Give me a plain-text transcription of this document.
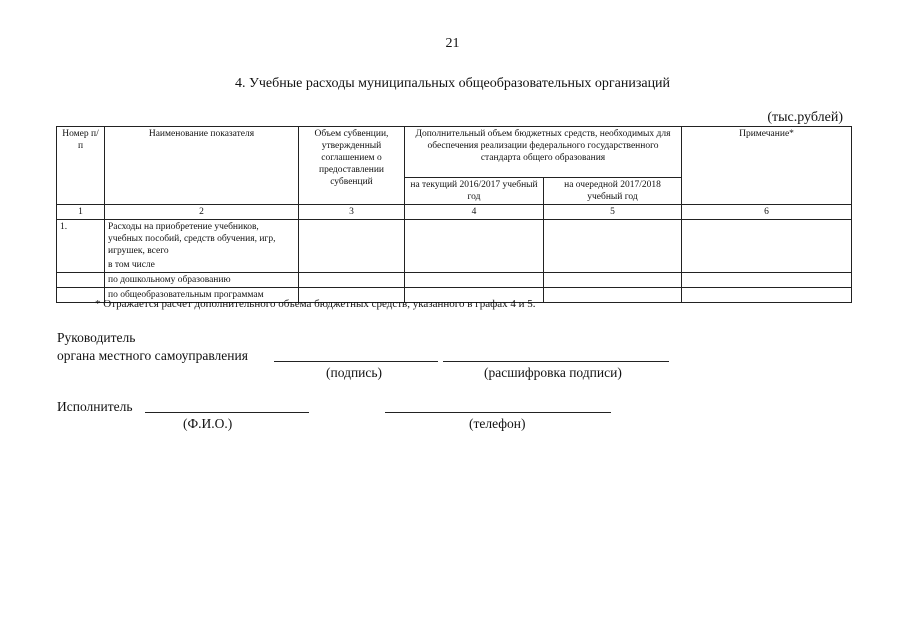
21
4. Учебные расходы муниципальных общеобразовательных организаций
(тыс.рублей)
Номер п/п	Наименование показателя	Объем субвенции, утвержденный соглашением о предоставлении субвенций	Дополнительный объем бюджетных средств, необходимых для обеспечения реализации федерального государственного стандарта общего образования		Примечание*
			на текущий 2016/2017 учебный год	на очередной 2017/2018 учебный год	
1	2	3	4	5	6
1.	Расходы на приобретение учебников, учебных пособий, средств обучения, игр, игрушек, всего				
	в том числе				
	по дошкольному образованию				
	по общеобразовательным программам				
* Отражается расчет дополнительного объема бюджетных средств, указанного в графах 4 и 5.
Руководитель
органа местного самоуправления
(подпись)	(расшифровка подписи)
Исполнитель
(Ф.И.О.)	(телефон)
